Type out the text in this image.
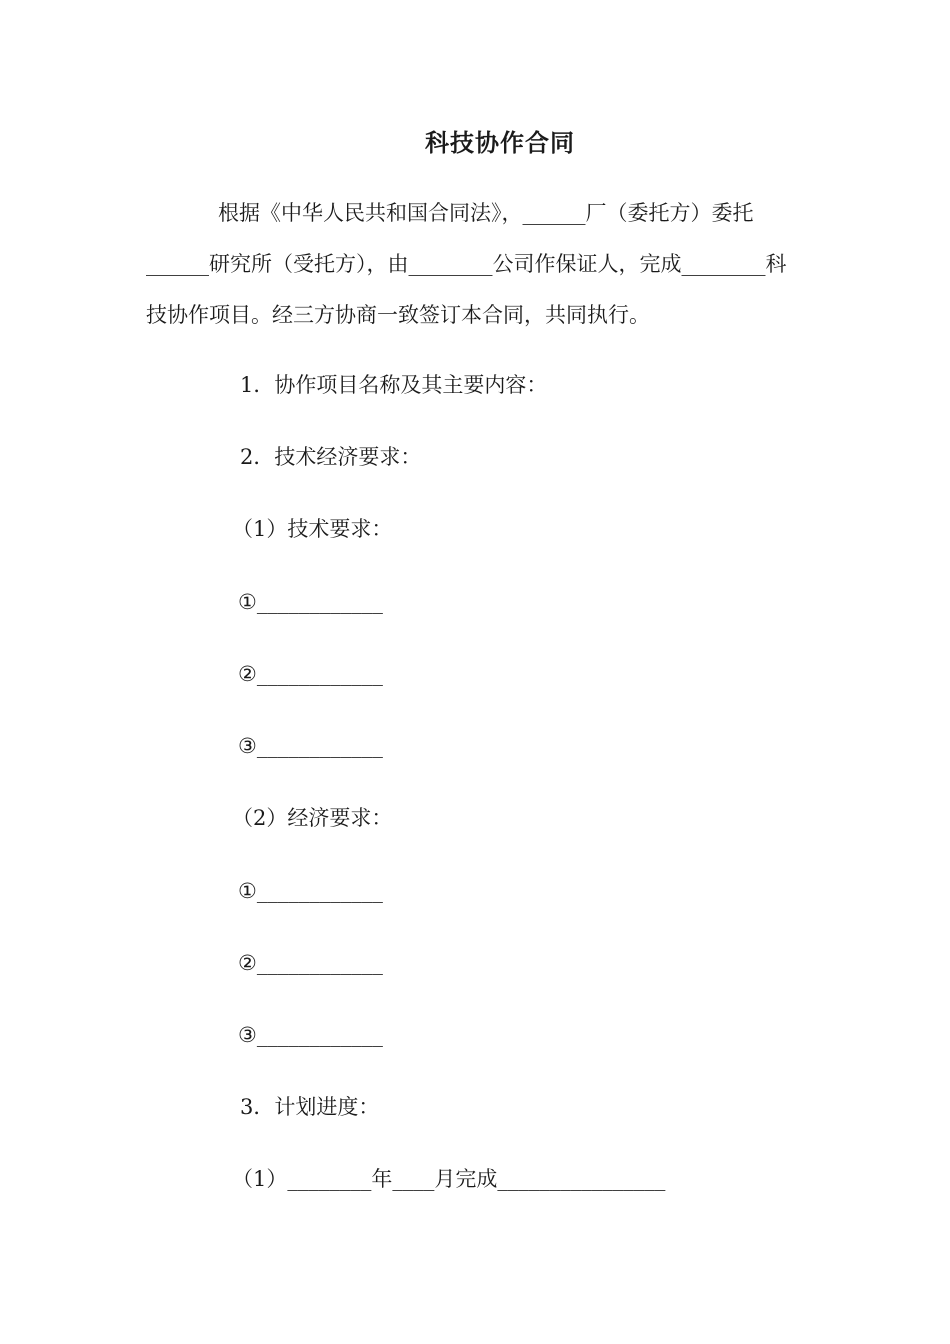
科技协作合同
根据《中华人民共和国合同法》，______厂（委托方）委托______研究所（受托方），由________公司作保证人，完成________科技协作项目。经三方协商一致签订本合同，共同执行。
1．协作项目名称及其主要内容：
2．技术经济要求：
（1）技术要求：
①____________
②____________
③____________
（2）经济要求：
①____________
②____________
③____________
3．计划进度：
（1）________年____月完成________________
